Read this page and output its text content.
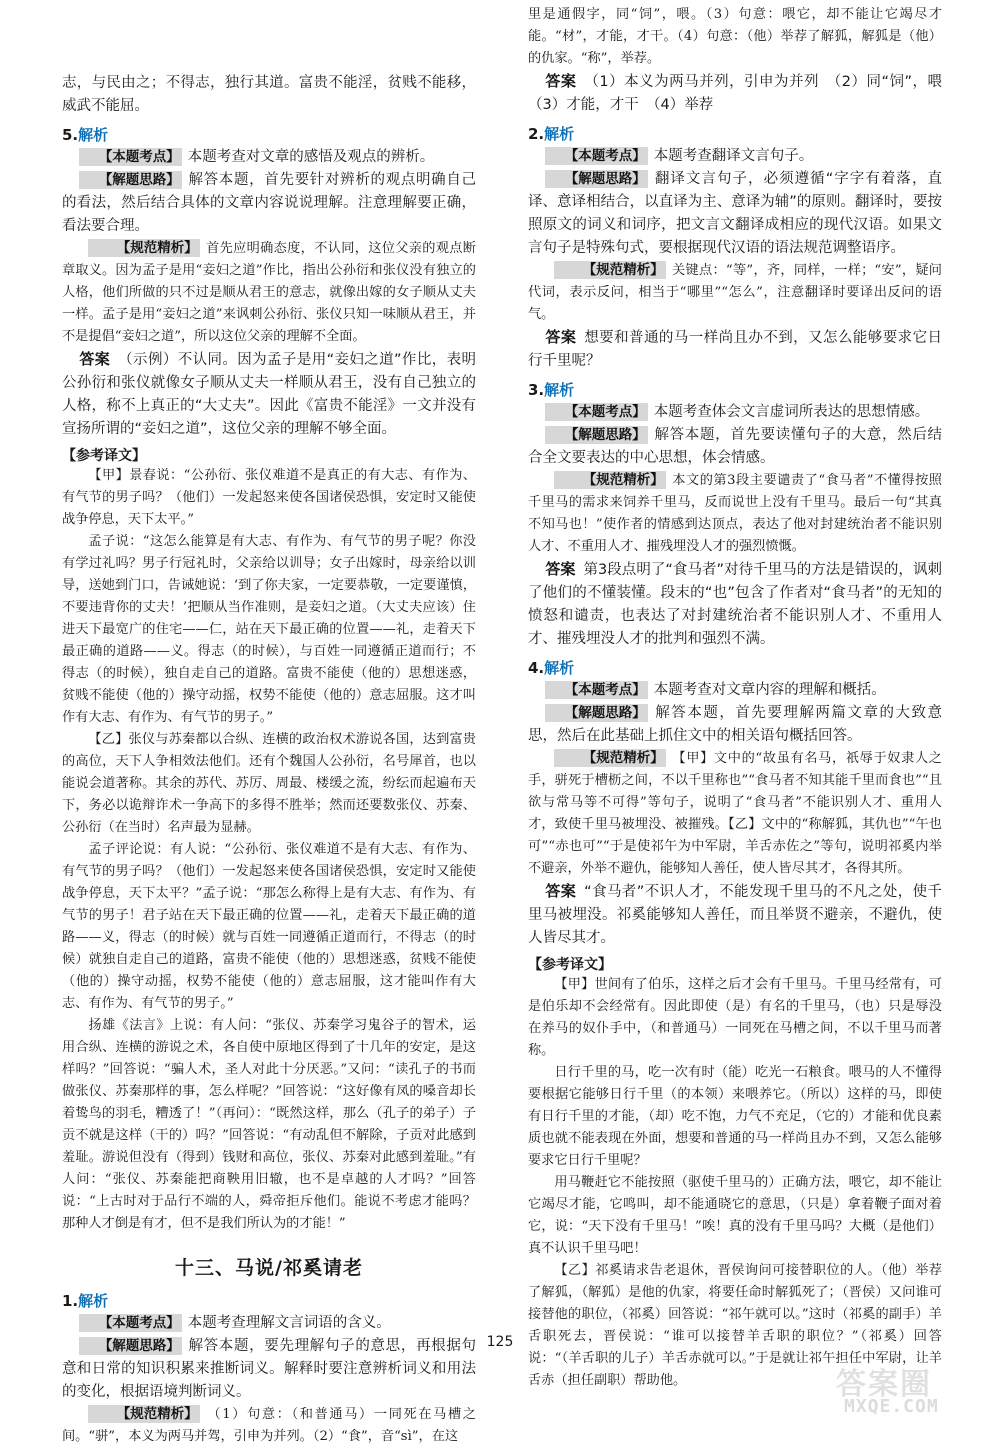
志，与民由之；不得志，独行其道。富贵不能淫，贫贱不能移，威武不能屈。

5.解析

【本题考点】 本题考查对文章的感悟及观点的辨析。

【解题思路】 解答本题，首先要针对辨析的观点明确自己的看法，然后结合具体的文章内容说说理解。注意理解要正确，看法要合理。

【规范精析】 首先应明确态度，不认同，这位父亲的观点断章取义。因为孟子是用“妾妇之道”作比，指出公孙衍和张仪没有独立的人格，他们所做的只不过是顺从君王的意志，就像出嫁的女子顺从丈夫一样。孟子是用“妾妇之道”来讽刺公孙衍、张仪只知一味顺从君王，并不是提倡“妾妇之道”，所以这位父亲的理解不全面。

答案 （示例）不认同。因为孟子是用“妾妇之道”作比，表明公孙衍和张仪就像女子顺从丈夫一样顺从君王，没有自己独立的人格，称不上真正的“大丈夫”。因此《富贵不能淫》一文并没有宣扬所谓的“妾妇之道”，这位父亲的理解不够全面。

【参考译文】

【甲】景春说：“公孙衍、张仪难道不是真正的有大志、有作为、有气节的男子吗？（他们）一发起怒来使各国诸侯恐惧，安定时又能使战争停息，天下太平。”

孟子说：“这怎么能算是有大志、有作为、有气节的男子呢？你没有学过礼吗？男子行冠礼时，父亲给以训导；女子出嫁时，母亲给以训导，送她到门口，告诫她说：‘到了你夫家，一定要恭敬，一定要谨慎，不要违背你的丈夫！’把顺从当作准则，是妾妇之道。（大丈夫应该）住进天下最宽广的住宅——仁，站在天下最正确的位置——礼，走着天下最正确的道路——义。得志（的时候），与百姓一同遵循正道而行；不得志（的时候），独自走自己的道路。富贵不能使（他的）思想迷惑，贫贱不能使（他的）操守动摇，权势不能使（他的）意志屈服。这才叫作有大志、有作为、有气节的男子。”

【乙】张仪与苏秦都以合纵、连横的政治权术游说各国，达到富贵的高位，天下人争相效法他们。还有个魏国人公孙衍，名号犀首，也以能说会道著称。其余的苏代、苏厉、周最、楼缓之流，纷纭而起遍布天下，务必以诡辩诈术一争高下的多得不胜举；然而还要数张仪、苏秦、公孙衍（在当时）名声最为显赫。

孟子评论说：有人说：“公孙衍、张仪难道不是有大志、有作为、有气节的男子吗？（他们）一发起怒来使各国诸侯恐惧，安定时又能使战争停息，天下太平？”孟子说：“那怎么称得上是有大志、有作为、有气节的男子！君子站在天下最正确的位置——礼，走着天下最正确的道路——义，得志（的时候）就与百姓一同遵循正道而行，不得志（的时候）就独自走自己的道路，富贵不能使（他的）思想迷惑，贫贱不能使（他的）操守动摇，权势不能使（他的）意志屈服，这才能叫作有大志、有作为、有气节的男子。”

扬雄《法言》上说：有人问：“张仪、苏秦学习鬼谷子的智术，运用合纵、连横的游说之术，各自使中原地区得到了十几年的安定，是这样吗？”回答说：“骗人术，圣人对此十分厌恶。”又问：“读孔子的书而做张仪、苏秦那样的事，怎么样呢？”回答说：“这好像有凤的嗓音却长着鸷鸟的羽毛，糟透了！”（再问）：“既然这样，那么（孔子的弟子）子贡不就是这样（干的）吗？”回答说：“有动乱但不解除，子贡对此感到羞耻。游说但没有（得到）钱财和高位，张仪、苏秦对此感到羞耻。”有人问：“张仪、苏秦能把商鞅用旧辙，也不是卓越的人才吗？”回答说：“上古时对于品行不端的人，舜帝拒斥他们。能说不考虑才能吗？那种人才倒是有才，但不是我们所认为的才能！”

十三、马说/祁奚请老
1.解析

【本题考点】 本题考查理解文言词语的含义。

【解题思路】 解答本题，要先理解句子的意思，再根据句意和日常的知识积累来推断词义。解释时要注意辨析词义和用法的变化，根据语境判断词义。

【规范精析】 （1）句意：（和普通马）一同死在马槽之间。“骈”，本义为两马并驾，引申为并列。（2）“食”，音“sì”，在这

里是通假字，同“饲”，喂。（3）句意：喂它，却不能让它竭尽才能。“材”，才能，才干。（4）句意：（他）举荐了解狐，解狐是（他）的仇家。“称”，举荐。

答案 （1）本义为两马并列，引申为并列　（2）同“饲”，喂　（3）才能，才干　（4）举荐

2.解析

【本题考点】 本题考查翻译文言句子。

【解题思路】 翻译文言句子，必须遵循“字字有着落，直译、意译相结合，以直译为主、意译为辅”的原则。翻译时，要按照原文的词义和词序，把文言文翻译成相应的现代汉语。如果文言句子是特殊句式，要根据现代汉语的语法规范调整语序。

【规范精析】 关键点：“等”，齐，同样，一样；“安”，疑问代词，表示反问，相当于“哪里”“怎么”，注意翻译时要译出反问的语气。

答案 想要和普通的马一样尚且办不到，又怎么能够要求它日行千里呢？

3.解析

【本题考点】 本题考查体会文言虚词所表达的思想情感。

【解题思路】 解答本题，首先要读懂句子的大意，然后结合全文要表达的中心思想，体会情感。

【规范精析】 本文的第3段主要谴责了“食马者”不懂得按照千里马的需求来饲养千里马，反而说世上没有千里马。最后一句“其真不知马也！”使作者的情感到达顶点，表达了他对封建统治者不能识别人才、不重用人才、摧残埋没人才的强烈愤慨。

答案 第3段点明了“食马者”对待千里马的方法是错误的，讽刺了他们的不懂装懂。段末的“也”包含了作者对“食马者”的无知的愤怒和谴责，也表达了对封建统治者不能识别人才、不重用人才、摧残埋没人才的批判和强烈不满。

4.解析

【本题考点】 本题考查对文章内容的理解和概括。

【解题思路】 解答本题，首先要理解两篇文章的大致意思，然后在此基础上抓住文中的相关语句概括回答。

【规范精析】 【甲】文中的“故虽有名马，祇辱于奴隶人之手，骈死于槽枥之间，不以千里称也”“食马者不知其能千里而食也”“且欲与常马等不可得”等句子，说明了“食马者”不能识别人才、重用人才，致使千里马被埋没、被摧残。【乙】文中的“称解狐，其仇也”“午也可”“赤也可”“于是使祁午为中军尉，羊舌赤佐之”等句，说明祁奚内举不避亲，外举不避仇，能够知人善任，使人皆尽其才，各得其所。

答案 “食马者”不识人才，不能发现千里马的不凡之处，使千里马被埋没。祁奚能够知人善任，而且举贤不避亲，不避仇，使人皆尽其才。

【参考译文】

【甲】世间有了伯乐，这样之后才会有千里马。千里马经常有，可是伯乐却不会经常有。因此即使（是）有名的千里马，（也）只是辱没在养马的奴仆手中，（和普通马）一同死在马槽之间，不以千里马而著称。

日行千里的马，吃一次有时（能）吃光一石粮食。喂马的人不懂得要根据它能够日行千里（的本领）来喂养它。（所以）这样的马，即使有日行千里的才能，（却）吃不饱，力气不充足，（它的）才能和优良素质也就不能表现在外面，想要和普通的马一样尚且办不到，又怎么能够要求它日行千里呢？

用马鞭赶它不能按照（驱使千里马的）正确方法，喂它，却不能让它竭尽才能，它鸣叫，却不能通晓它的意思，（只是）拿着鞭子面对着它，说：“天下没有千里马！”唉！真的没有千里马吗？大概（是他们）真不认识千里马吧！

【乙】祁奚请求告老退休，晋侯询问可接替职位的人。（他）举荐了解狐，（解狐）是他的仇家，将要任命时解狐死了；（晋侯）又问谁可接替他的职位，（祁奚）回答说：“祁午就可以。”这时（祁奚的副手）羊舌职死去，晋侯说：“谁可以接替羊舌职的职位？”（祁奚）回答说：“（羊舌职的儿子）羊舌赤就可以。”于是就让祁午担任中军尉，让羊舌赤（担任副职）帮助他。

125
答案圈
MXQE.COM
